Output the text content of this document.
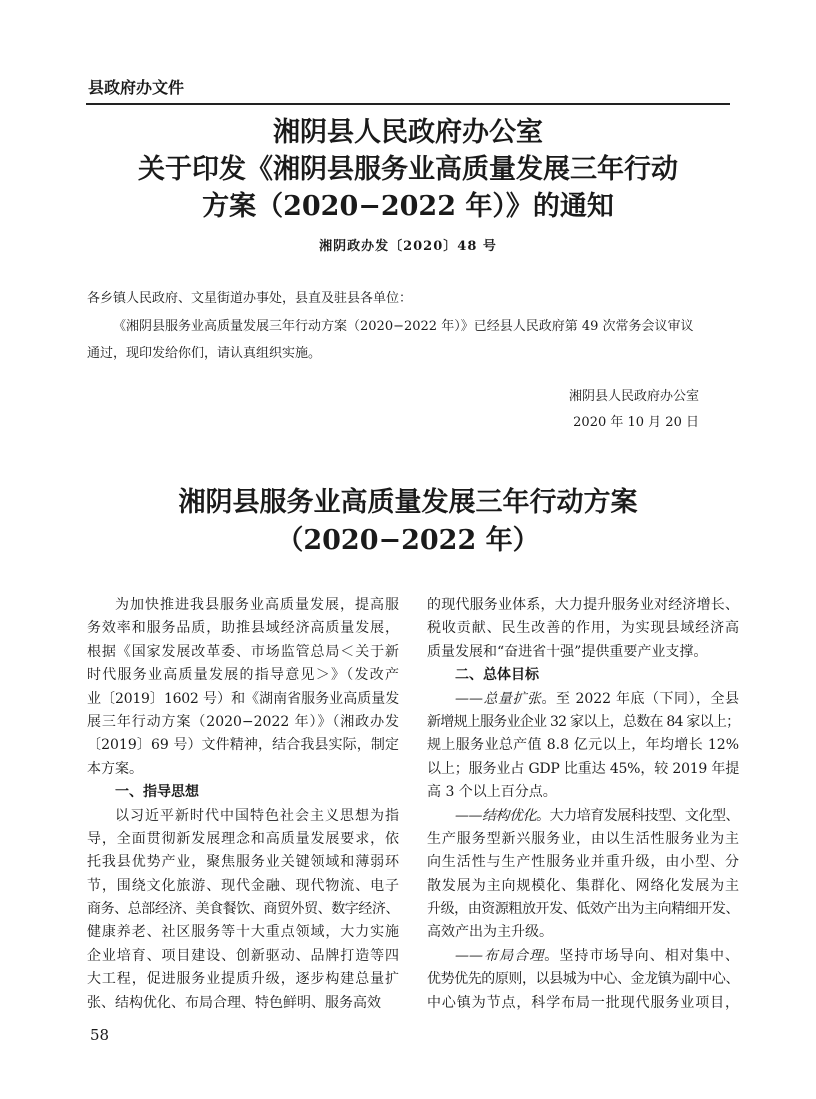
县政府办文件
湘阴县人民政府办公室
关于印发《湘阴县服务业高质量发展三年行动
方案（2020−2022 年）》的通知
湘阴政办发〔2020〕48 号
各乡镇人民政府、文星街道办事处，县直及驻县各单位：
《湘阴县服务业高质量发展三年行动方案（2020−2022 年）》已经县人民政府第 49 次常务会议审议
通过，现印发给你们，请认真组织实施。
湘阴县人民政府办公室
2020 年 10 月 20 日
湘阴县服务业高质量发展三年行动方案
（2020−2022 年）
为加快推进我县服务业高质量发展，提高服
务效率和服务品质，助推县域经济高质量发展，
根据《国家发展改革委、市场监管总局＜关于新
时代服务业高质量发展的指导意见＞》（发改产
业〔2019〕1602 号）和《湖南省服务业高质量发
展三年行动方案（2020−2022 年）》（湘政办发
〔2019〕69 号）文件精神，结合我县实际，制定
本方案。
一、指导思想
以习近平新时代中国特色社会主义思想为指
导，全面贯彻新发展理念和高质量发展要求，依
托我县优势产业，聚焦服务业关键领域和薄弱环
节，围绕文化旅游、现代金融、现代物流、电子
商务、总部经济、美食餐饮、商贸外贸、数字经济、
健康养老、社区服务等十大重点领域，大力实施
企业培育、项目建设、创新驱动、品牌打造等四
大工程，促进服务业提质升级，逐步构建总量扩
张、结构优化、布局合理、特色鲜明、服务高效
的现代服务业体系，大力提升服务业对经济增长、
税收贡献、民生改善的作用，为实现县域经济高
质量发展和“奋进省十强”提供重要产业支撑。
二、总体目标
——总量扩张。至 2022 年底（下同），全县
新增规上服务业企业 32 家以上，总数在 84 家以上；
规上服务业总产值 8.8 亿元以上，年均增长 12%
以上；服务业占 GDP 比重达 45%，较 2019 年提
高 3 个以上百分点。
——结构优化。大力培育发展科技型、文化型、
生产服务型新兴服务业，由以生活性服务业为主
向生活性与生产性服务业并重升级，由小型、分
散发展为主向规模化、集群化、网络化发展为主
升级，由资源粗放开发、低效产出为主向精细开发、
高效产出为主升级。
——布局合理。坚持市场导向、相对集中、
优势优先的原则，以县城为中心、金龙镇为副中心、
中心镇为节点，科学布局一批现代服务业项目，
58
